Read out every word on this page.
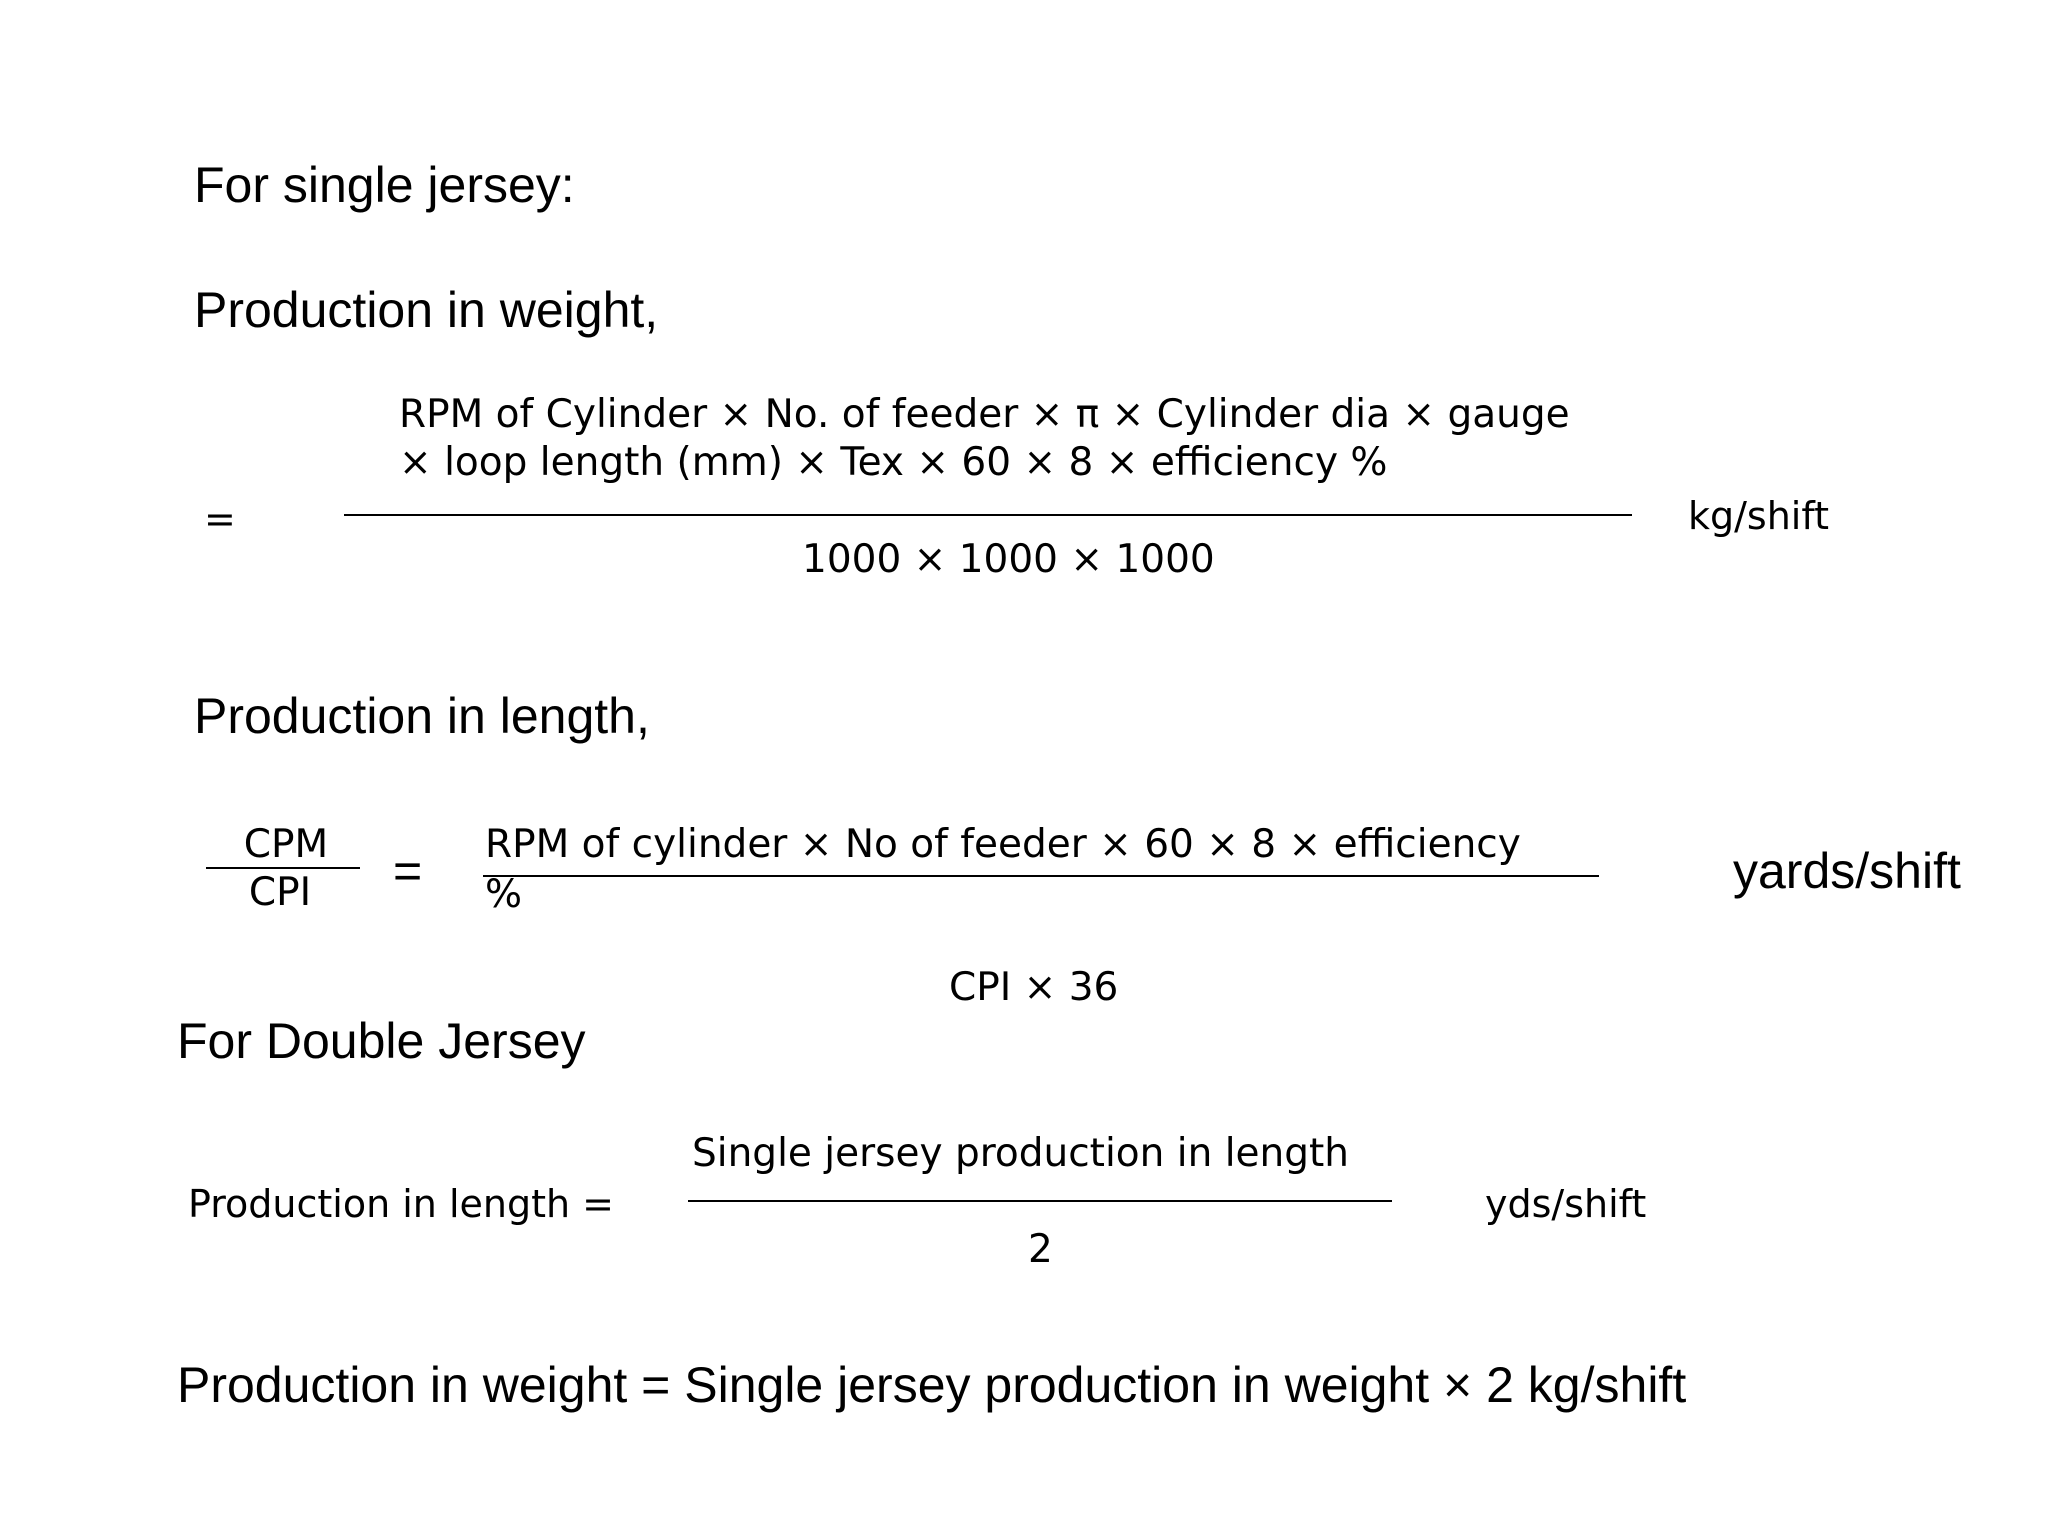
For single jersey:
Production in weight,
RPM of Cylinder × No. of feeder × π × Cylinder dia × gauge
× loop length (mm) × Tex × 60 × 8 × efficiency %
=	kg/shift
1000 × 1000 × 1000
Production in length,
CPM
CPI	= RPM of cylinder × No of feeder × 60 × 8 × efficiency
%	yards/shift
CPI × 36
For Double Jersey
Single jersey production in length
Production in length =	yds/shift
2
Production in weight = Single jersey production in weight × 2 kg/shift
